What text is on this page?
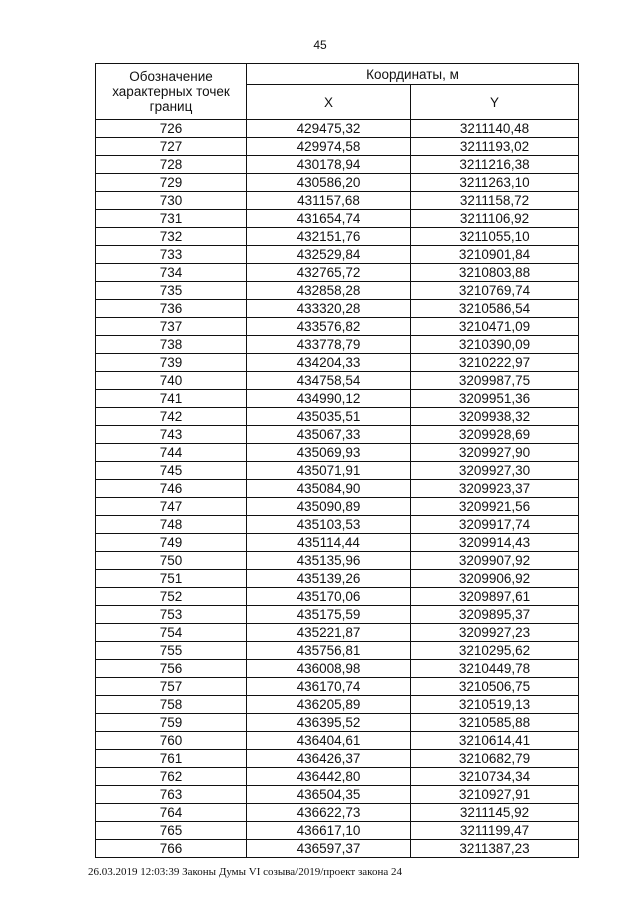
45
Обозначение характерных точек границ	Координаты, м	
	X	Y
726	429475,32	3211140,48
727	429974,58	3211193,02
728	430178,94	3211216,38
729	430586,20	3211263,10
730	431157,68	3211158,72
731	431654,74	3211106,92
732	432151,76	3211055,10
733	432529,84	3210901,84
734	432765,72	3210803,88
735	432858,28	3210769,74
736	433320,28	3210586,54
737	433576,82	3210471,09
738	433778,79	3210390,09
739	434204,33	3210222,97
740	434758,54	3209987,75
741	434990,12	3209951,36
742	435035,51	3209938,32
743	435067,33	3209928,69
744	435069,93	3209927,90
745	435071,91	3209927,30
746	435084,90	3209923,37
747	435090,89	3209921,56
748	435103,53	3209917,74
749	435114,44	3209914,43
750	435135,96	3209907,92
751	435139,26	3209906,92
752	435170,06	3209897,61
753	435175,59	3209895,37
754	435221,87	3209927,23
755	435756,81	3210295,62
756	436008,98	3210449,78
757	436170,74	3210506,75
758	436205,89	3210519,13
759	436395,52	3210585,88
760	436404,61	3210614,41
761	436426,37	3210682,79
762	436442,80	3210734,34
763	436504,35	3210927,91
764	436622,73	3211145,92
765	436617,10	3211199,47
766	436597,37	3211387,23
26.03.2019 12:03:39 Законы Думы VI созыва/2019/проект закона 24
